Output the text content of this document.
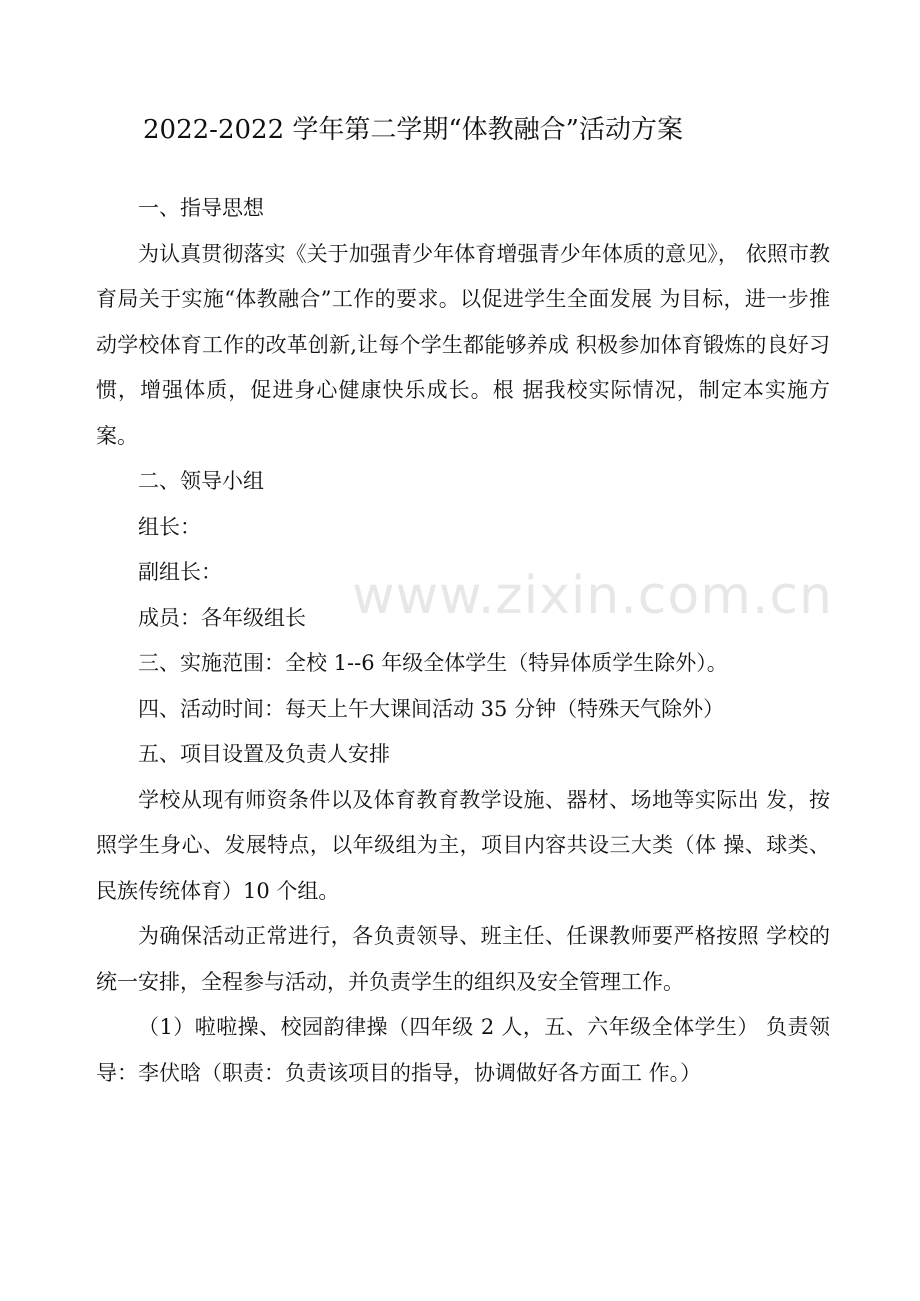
www.zixin.com.cn
2022-2022 学年第二学期“体教融合”活动方案

一、指导思想

为认真贯彻落实《关于加强青少年体育增强青少年体质的意见》， 依照市教育局关于实施“体教融合”工作的要求。以促进学生全面发展 为目标，进一步推动学校体育工作的改革创新,让每个学生都能够养成 积极参加体育锻炼的良好习惯，增强体质，促进身心健康快乐成长。根 据我校实际情况，制定本实施方案。

二、领导小组

组长：

副组长：

成员：各年级组长

三、实施范围：全校 1--6 年级全体学生（特异体质学生除外）。

四、活动时间：每天上午大课间活动 35 分钟（特殊天气除外）

五、项目设置及负责人安排

学校从现有师资条件以及体育教育教学设施、器材、场地等实际出 发，按照学生身心、发展特点，以年级组为主，项目内容共设三大类（体 操、球类、民族传统体育）10 个组。

为确保活动正常进行，各负责领导、班主任、任课教师要严格按照 学校的统一安排，全程参与活动，并负责学生的组织及安全管理工作。

（1）啦啦操、校园韵律操（四年级 2 人，五、六年级全体学生） 负责领导：李伏晗（职责：负责该项目的指导，协调做好各方面工 作。）
